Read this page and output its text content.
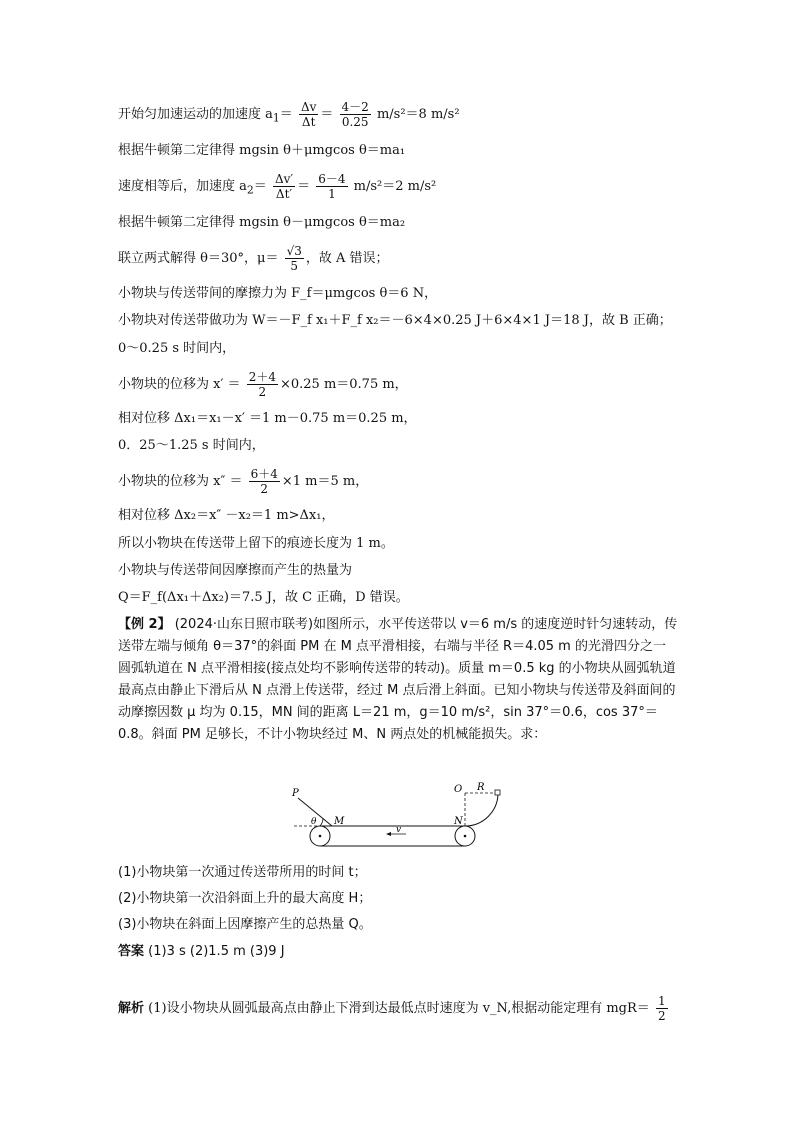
开始匀加速运动的加速度 $a_1= \frac{\Delta v}{\Delta t} = \frac{4-2}{0.25} m/s^2=8$ m/s²
根据牛顿第二定律得 mgsin θ＋μmgcos θ＝ma₁
速度相等后，加速度 $a_2= \frac{\Delta v'}{\Delta t'} = \frac{6-4}{1} m/s^2=2$ m/s²
根据牛顿第二定律得 mgsin θ－μmgcos θ＝ma₂
联立两式解得 θ＝30°，$\mu= \frac{√3}{5}$ ，故 A 错误；
小物块与传送带间的摩擦力为 F_f＝μmgcos θ＝6 N，
小物块对传送带做功为 W＝－F_f x₁＋F_f x₂＝－6×4×0.25 J＋6×4×1 J＝18 J，故 B 正确；
0～0.25 s 时间内，
小物块的位移为 $x' = \frac{2+4}{2} \times 0.25$ m＝0.75 m，
相对位移 Δx₁＝x₁－x′ ＝1 m－0.75 m＝0.25 m，
0．25～1.25 s 时间内，
小物块的位移为 $x'' = \frac{6+4}{2} \times 1$ m＝5 m，
相对位移 Δx₂＝x″ －x₂＝1 m>Δx₁，
所以小物块在传送带上留下的痕迹长度为 1 m。
小物块与传送带间因摩擦而产生的热量为
Q＝F_f(Δx₁＋Δx₂)＝7.5 J，故 C 正确，D 错误。
【例 2】 (2024·山东日照市联考)如图所示，水平传送带以 v＝6 m/s 的速度逆时针匀速转动，传送带左端与倾角 θ＝37°的斜面 PM 在 M 点平滑相接，右端与半径 R＝4.05 m 的光滑四分之一圆弧轨道在 N 点平滑相接(接点处均不影响传送带的转动)。质量 m＝0.5 kg 的小物块从圆弧轨道最高点由静止下滑后从 N 点滑上传送带，经过 M 点后滑上斜面。已知小物块与传送带及斜面间的动摩擦因数 μ 均为 0.15，MN 间的距离 L＝21 m，g＝10 m/s²，sin 37°＝0.6，cos 37°＝0.8。斜面 PM 足够长，不计小物块经过 M、N 两点处的机械能损失。求：
P
M
θ
v
N
O R
(1)小物块第一次通过传送带所用的时间 t；
(2)小物块第一次沿斜面上升的最大高度 H；
(3)小物块在斜面上因摩擦产生的总热量 Q。
答案 (1)3 s (2)1.5 m (3)9 J
解析 (1)设小物块从圆弧最高点由静止下滑到达最低点时速度为 v_N,根据动能定理有 $mgR= \frac{1}{2}$
